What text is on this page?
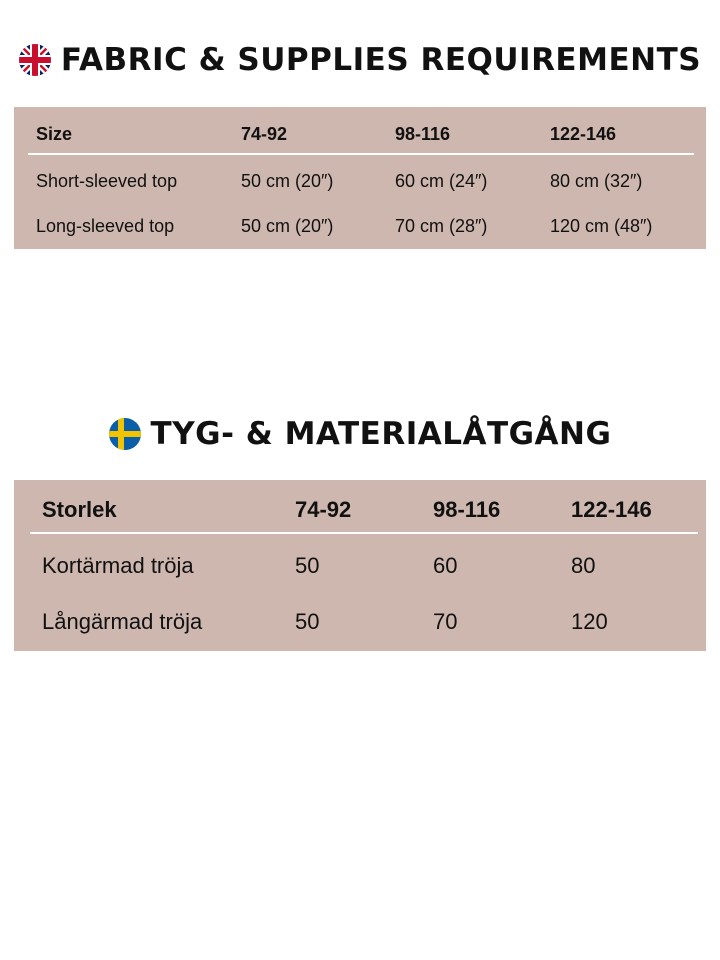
FABRIC & SUPPLIES REQUIREMENTS
Size	74-92	98-116	122-146
Short-sleeved top	50 cm (20″)	60 cm (24″)	80 cm (32″)
Long-sleeved top	50 cm (20″)	70 cm (28″)	120 cm (48″)
TYG- & MATERIALÅTGÅNG
Storlek	74-92	98-116	122-146
Kortärmad tröja	50	60	80
Långärmad tröja	50	70	120
